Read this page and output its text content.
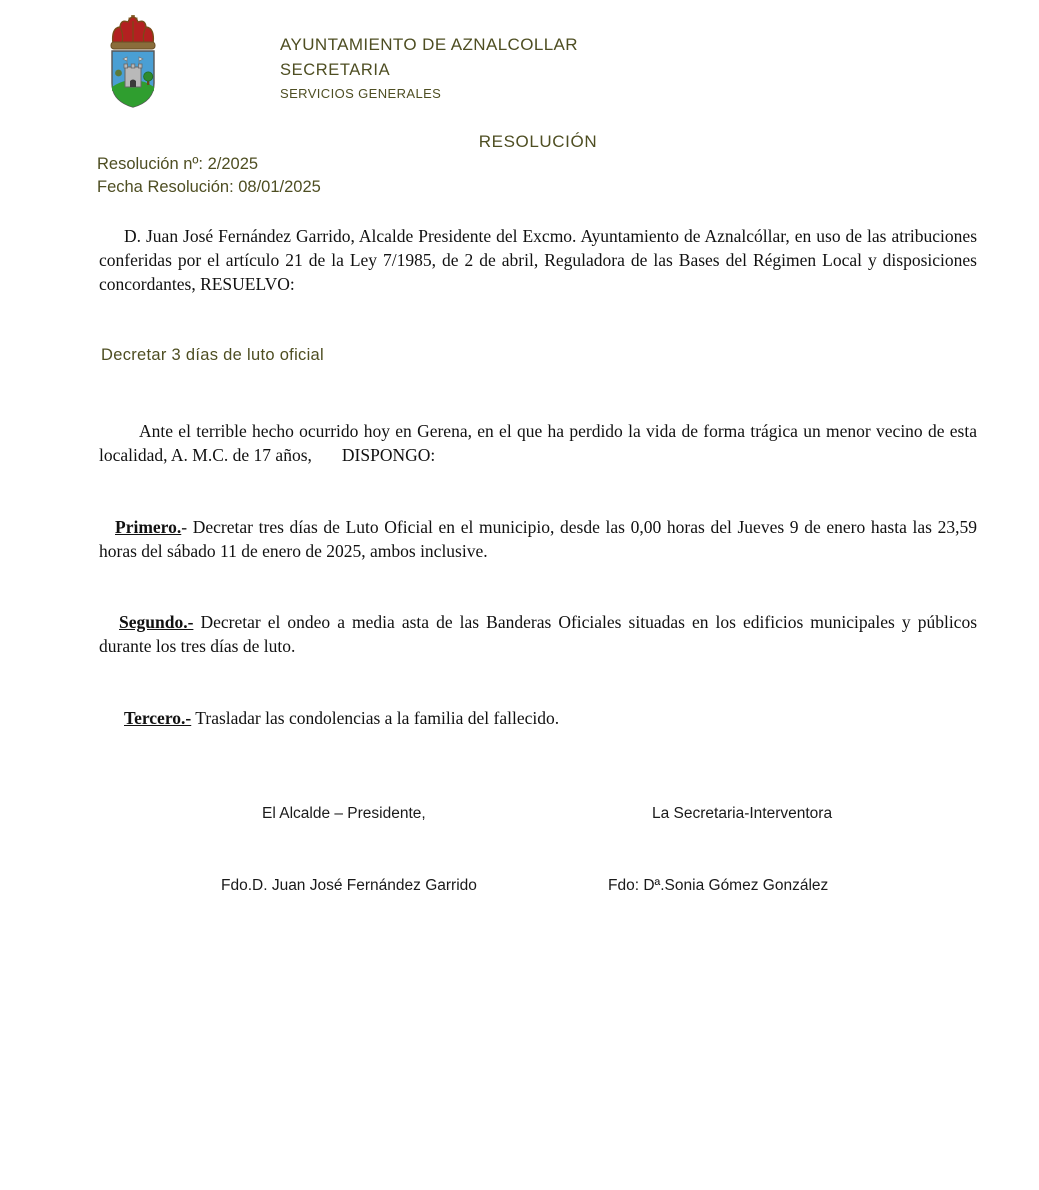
AYUNTAMIENTO DE AZNALCOLLAR
SECRETARIA
SERVICIOS GENERALES
RESOLUCIÓN
Resolución nº: 2/2025
Fecha Resolución: 08/01/2025

D. Juan José Fernández Garrido, Alcalde Presidente del Excmo. Ayuntamiento de Aznalcóllar, en uso de las atribuciones conferidas por el artículo 21 de la Ley 7/1985, de 2 de abril, Reguladora de las Bases del Régimen Local y disposiciones concordantes, RESUELVO:

Decretar 3 días de luto oficial

Ante el terrible hecho ocurrido hoy en Gerena, en el que ha perdido la vida de forma trágica un menor vecino de esta localidad, A. M.C. de 17 años, DISPONGO:

Primero.- Decretar tres días de Luto Oficial en el municipio, desde las 0,00 horas del Jueves 9 de enero hasta las 23,59 horas del sábado 11 de enero de 2025, ambos inclusive.

Segundo.- Decretar el ondeo a media asta de las Banderas Oficiales situadas en los edificios municipales y públicos durante los tres días de luto.

Tercero.- Trasladar las condolencias a la familia del fallecido.

El Alcalde – Presidente,	La Secretaria-Interventora
Fdo.D. Juan José Fernández Garrido	Fdo: Dª.Sonia Gómez González
